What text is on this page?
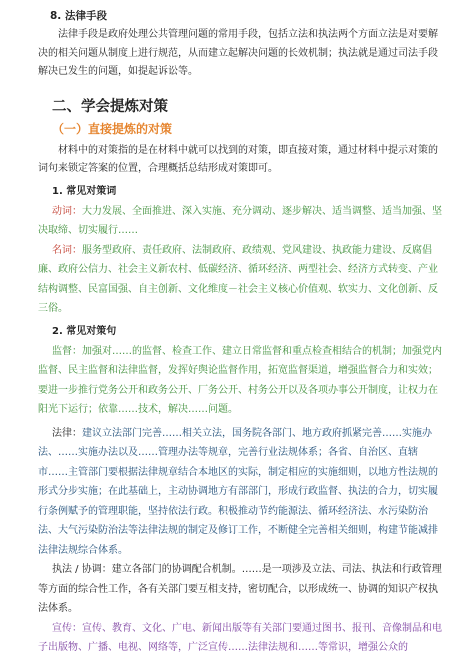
8. 法律手段

法律手段是政府处理公共管理问题的常用手段，包括立法和执法两个方面立法是对要解决的相关问题从制度上进行规范，从而建立起解决问题的长效机制；执法就是通过司法手段解决已发生的问题，如提起诉讼等。

二、学会提炼对策
（一）直接提炼的对策

材料中的对策指的是在材料中就可以找到的对策，即直接对策，通过材料中提示对策的词句来锁定答案的位置，合理概括总结形成对策即可。

1. 常见对策词

动词：大力发展、全面推进、深入实施、充分调动、逐步解决、适当调整、适当加强、坚决取缔、切实履行……

名词：服务型政府、责任政府、法制政府、政绩观、党风建设、执政能力建设、反腐倡廉、政府公信力、社会主义新农村、低碳经济、循环经济、两型社会、经济方式转变、产业结构调整、民富国强、自主创新、文化维度－社会主义核心价值观、软实力、文化创新、反三俗。

2. 常见对策句

监督：加强对……的监督、检查工作、建立日常监督和重点检查相结合的机制；加强党内监督、民主监督和法律监督，发挥好舆论监督作用，拓宽监督渠道，增强监督合力和实效；要进一步推行党务公开和政务公开、厂务公开、村务公开以及各项办事公开制度，让权力在阳光下运行；依靠……技术，解决……问题。

法律：建议立法部门完善……相关立法，国务院各部门、地方政府抓紧完善……实施办法、……实施办法以及……管理办法等规章，完善行业法规体系；各省、自治区、直辖市……主管部门要根据法律规章结合本地区的实际，制定相应的实施细则，以地方性法规的形式分步实施；在此基础上，主动协调地方有部部门，形成行政监督、执法的合力，切实履行条例赋予的管理职能，坚持依法行政。积极推动节约能源法、循环经济法、水污染防治法、大气污染防治法等法律法规的制定及修订工作，不断健全完善相关细则，构建节能减排法律法规综合体系。

执法 / 协调：建立各部门的协调配合机制。……是一项涉及立法、司法、执法和行政管理等方面的综合性工作，各有关部门要互相支持，密切配合，以形成统一、协调的知识产权执法体系。

宣传：宣传、教育、文化、广电、新闻出版等有关部门要通过图书、报刊、音像制品和电子出版物、广播、电视、网络等，广泛宣传……法律法规和……等常识，增强公众的
